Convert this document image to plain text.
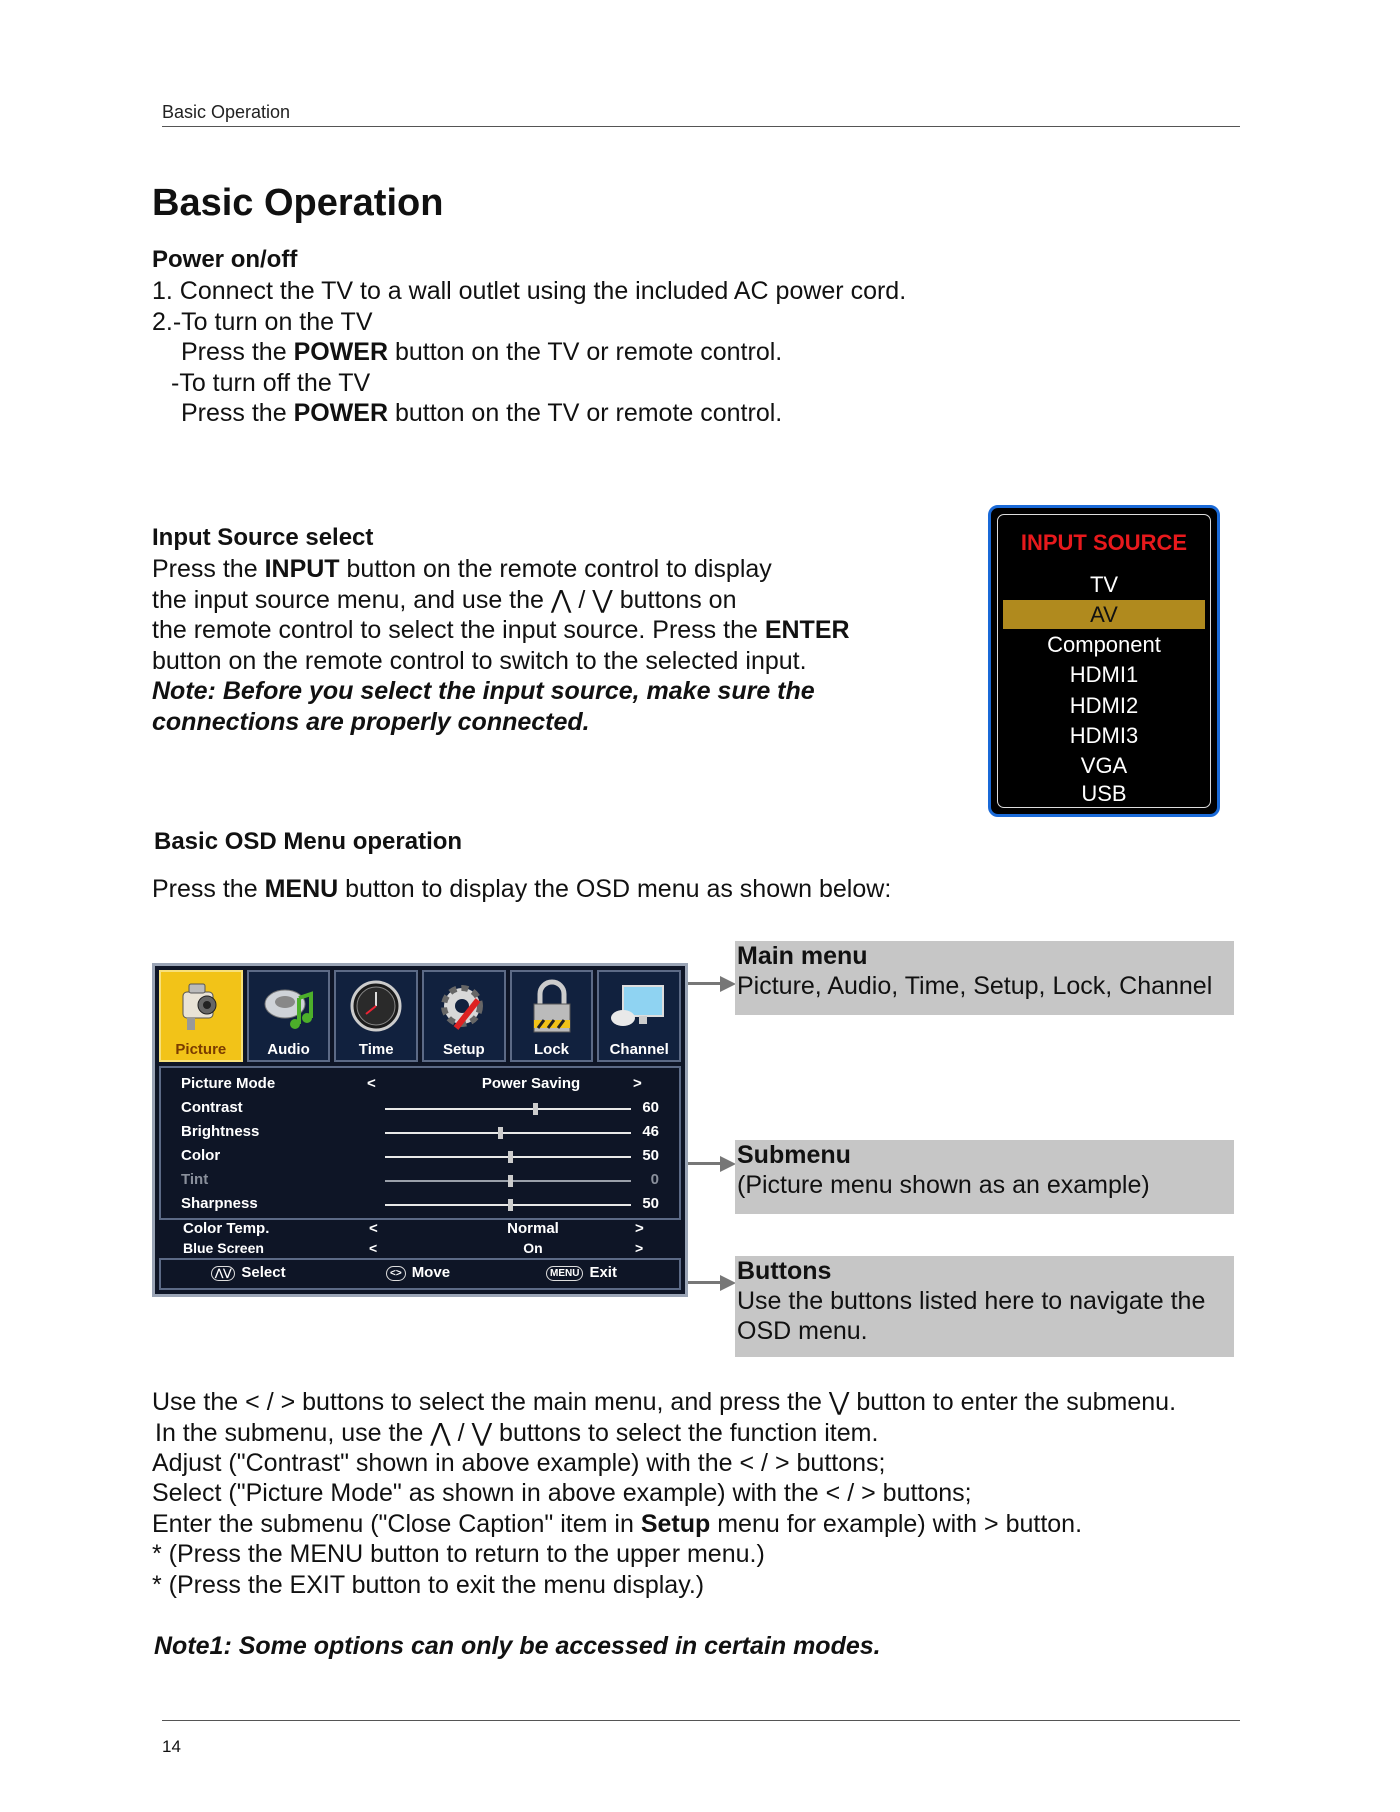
Basic Operation
Basic Operation
Power on/off
1. Connect the TV to a wall outlet using the included AC power cord.
2.-To turn on the TV
Press the POWER button on the TV or remote control.
-To turn off the TV
Press the POWER button on the TV or remote control.
Input Source select
Press the INPUT button on the remote control to display
the input source menu, and use the ⋀ / ⋁ buttons on
the remote control to select the input source. Press the ENTER
button on the remote control to switch to the selected input.
Note: Before you select the input source, make sure the
connections are properly connected.
INPUT SOURCE
TV
AV
Component
HDMI1
HDMI2
HDMI3
VGA
USB
Basic OSD Menu operation
Press the MENU button to display the OSD menu as shown below:
Picture	Audio	Time	Setup	Lock	Channel
Picture Mode	<	Power Saving	>
Contrast	60
Brightness	46
Color	50
Tint	0
Sharpness	50
Color Temp.	<	Normal	>
Blue Screen	<	On	>
⋀⋁ Select	<> Move	MENU Exit
Main menu
Picture, Audio, Time, Setup, Lock, Channel
Submenu
(Picture menu shown as an example)
Buttons
Use the buttons listed here to navigate the
OSD menu.
Use the < / > buttons to select the main menu, and press the ⋁ button to enter the submenu.
In the submenu, use the ⋀ / ⋁ buttons to select the function item.
Adjust ("Contrast" shown in above example) with the < / > buttons;
Select ("Picture Mode" as shown in above example) with the < / > buttons;
Enter the submenu ("Close Caption" item in Setup menu for example) with > button.
* (Press the MENU button to return to the upper menu.)
* (Press the EXIT button to exit the menu display.)
Note1: Some options can only be accessed in certain modes.
14
